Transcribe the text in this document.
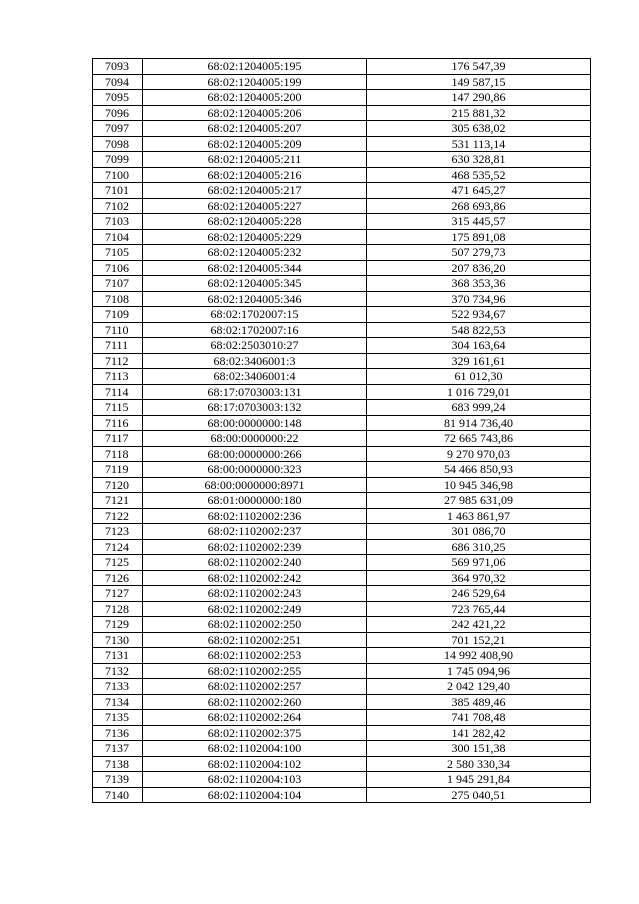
7093	68:02:1204005:195	176 547,39
7094	68:02:1204005:199	149 587,15
7095	68:02:1204005:200	147 290,86
7096	68:02:1204005:206	215 881,32
7097	68:02:1204005:207	305 638,02
7098	68:02:1204005:209	531 113,14
7099	68:02:1204005:211	630 328,81
7100	68:02:1204005:216	468 535,52
7101	68:02:1204005:217	471 645,27
7102	68:02:1204005:227	268 693,86
7103	68:02:1204005:228	315 445,57
7104	68:02:1204005:229	175 891,08
7105	68:02:1204005:232	507 279,73
7106	68:02:1204005:344	207 836,20
7107	68:02:1204005:345	368 353,36
7108	68:02:1204005:346	370 734,96
7109	68:02:1702007:15	522 934,67
7110	68:02:1702007:16	548 822,53
7111	68:02:2503010:27	304 163,64
7112	68:02:3406001:3	329 161,61
7113	68:02:3406001:4	61 012,30
7114	68:17:0703003:131	1 016 729,01
7115	68:17:0703003:132	683 999,24
7116	68:00:0000000:148	81 914 736,40
7117	68:00:0000000:22	72 665 743,86
7118	68:00:0000000:266	9 270 970,03
7119	68:00:0000000:323	54 466 850,93
7120	68:00:0000000:8971	10 945 346,98
7121	68:01:0000000:180	27 985 631,09
7122	68:02:1102002:236	1 463 861,97
7123	68:02:1102002:237	301 086,70
7124	68:02:1102002:239	686 310,25
7125	68:02:1102002:240	569 971,06
7126	68:02:1102002:242	364 970,32
7127	68:02:1102002:243	246 529,64
7128	68:02:1102002:249	723 765,44
7129	68:02:1102002:250	242 421,22
7130	68:02:1102002:251	701 152,21
7131	68:02:1102002:253	14 992 408,90
7132	68:02:1102002:255	1 745 094,96
7133	68:02:1102002:257	2 042 129,40
7134	68:02:1102002:260	385 489,46
7135	68:02:1102002:264	741 708,48
7136	68:02:1102002:375	141 282,42
7137	68:02:1102004:100	300 151,38
7138	68:02:1102004:102	2 580 330,34
7139	68:02:1102004:103	1 945 291,84
7140	68:02:1102004:104	275 040,51
